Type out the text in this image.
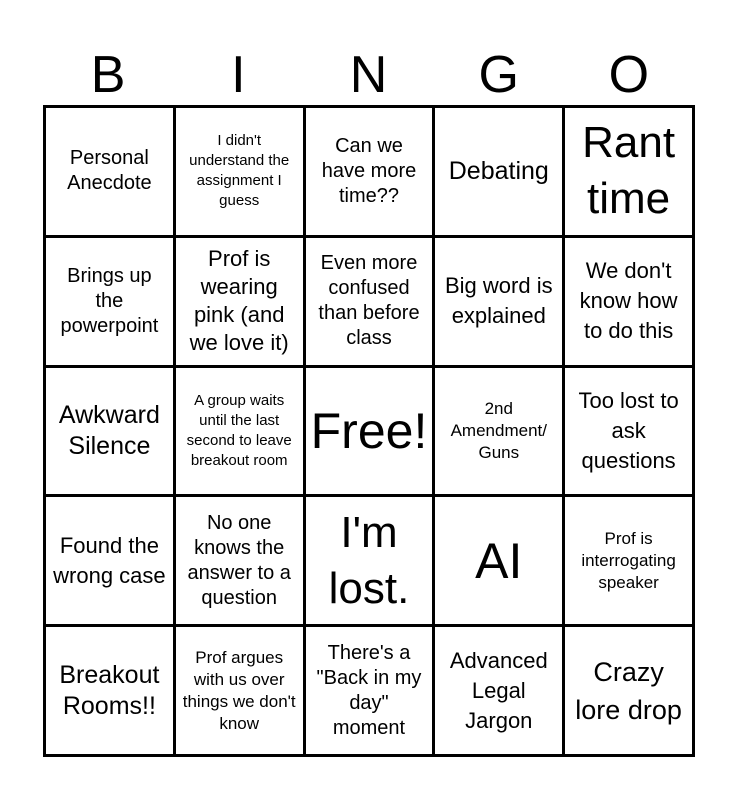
B	I	N	G	O
Personal Anecdote
I didn't understand the assignment I guess
Can we have more time??
Debating
Rant time
Brings up the powerpoint
Prof is wearing pink (and we love it)
Even more confused than before class
Big word is explained
We don't know how to do this
Awkward Silence
A group waits until the last second to leave breakout room
Free!	2nd Amendment/ Guns
Too lost to ask questions
Found the wrong case
No one knows the answer to a question
I'm lost.	AI	Prof is interrogating speaker
Breakout Rooms!!
Prof argues with us over things we don't know
There's a "Back in my day" moment
Advanced Legal Jargon
Crazy lore drop
